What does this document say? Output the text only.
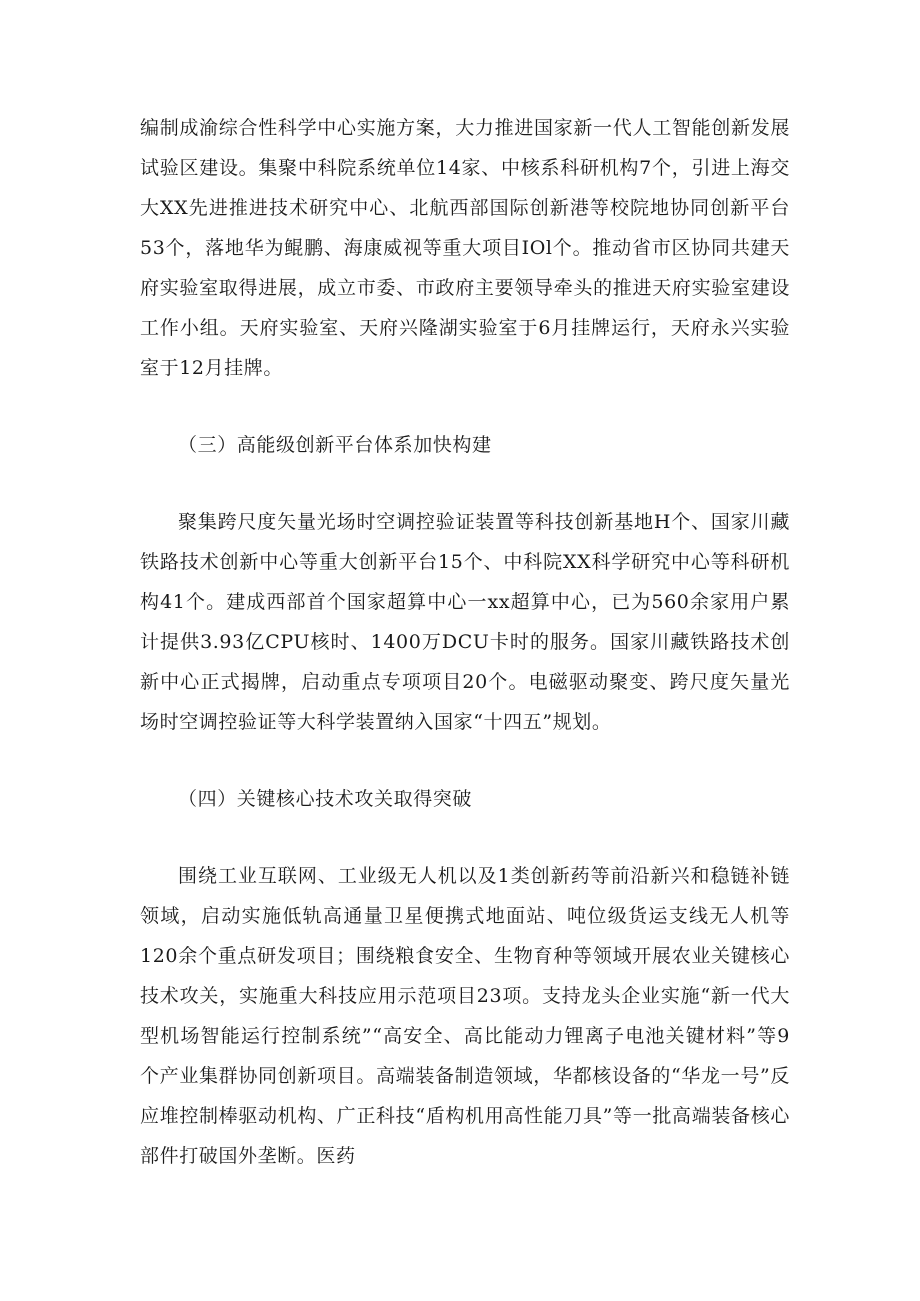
编制成渝综合性科学中心实施方案，大力推进国家新一代人工智能创新发展试验区建设。集聚中科院系统单位14家、中核系科研机构7个，引进上海交大XX先进推进技术研究中心、北航西部国际创新港等校院地协同创新平台53个，落地华为鲲鹏、海康威视等重大项目IOl个。推动省市区协同共建天府实验室取得进展，成立市委、市政府主要领导牵头的推进天府实验室建设工作小组。天府实验室、天府兴隆湖实验室于6月挂牌运行，天府永兴实验室于12月挂牌。

（三）高能级创新平台体系加快构建

聚集跨尺度矢量光场时空调控验证装置等科技创新基地H个、国家川藏铁路技术创新中心等重大创新平台15个、中科院XX科学研究中心等科研机构41个。建成西部首个国家超算中心一xx超算中心，已为560余家用户累计提供3.93亿CPU核时、1400万DCU卡时的服务。国家川藏铁路技术创新中心正式揭牌，启动重点专项项目20个。电磁驱动聚变、跨尺度矢量光场时空调控验证等大科学装置纳入国家“十四五”规划。

（四）关键核心技术攻关取得突破

围绕工业互联网、工业级无人机以及1类创新药等前沿新兴和稳链补链领域，启动实施低轨高通量卫星便携式地面站、吨位级货运支线无人机等120余个重点研发项目；围绕粮食安全、生物育种等领域开展农业关键核心技术攻关，实施重大科技应用示范项目23项。支持龙头企业实施“新一代大型机场智能运行控制系统”“高安全、高比能动力锂离子电池关键材料”等9个产业集群协同创新项目。高端装备制造领域，华都核设备的“华龙一号”反应堆控制棒驱动机构、广正科技“盾构机用高性能刀具”等一批高端装备核心部件打破国外垄断。医药
